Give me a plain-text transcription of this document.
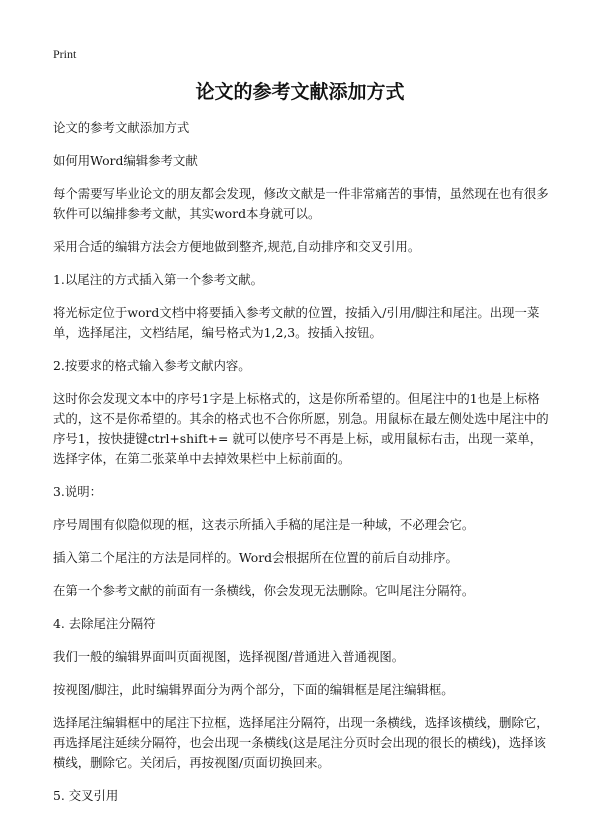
Print
论文的参考文献添加方式

论文的参考文献添加方式

如何用Word编辑参考文献

每个需要写毕业论文的朋友都会发现，修改文献是一件非常痛苦的事情，虽然现在也有很多软件可以编排参考文献，其实word本身就可以。

采用合适的编辑方法会方便地做到整齐,规范,自动排序和交叉引用。

1.以尾注的方式插入第一个参考文献。

将光标定位于word文档中将要插入参考文献的位置，按插入/引用/脚注和尾注。出现一菜单，选择尾注，文档结尾，编号格式为1,2,3。按插入按钮。

2.按要求的格式输入参考文献内容。

这时你会发现文本中的序号1字是上标格式的，这是你所希望的。但尾注中的1也是上标格式的，这不是你希望的。其余的格式也不合你所愿，别急。用鼠标在最左侧处选中尾注中的序号1，按快捷键ctrl+shift+= 就可以使序号不再是上标，或用鼠标右击，出现一菜单，选择字体，在第二张菜单中去掉效果栏中上标前面的。

3.说明：

序号周围有似隐似现的框，这表示所插入手稿的尾注是一种域，不必理会它。

插入第二个尾注的方法是同样的。Word会根据所在位置的前后自动排序。

在第一个参考文献的前面有一条横线，你会发现无法删除。它叫尾注分隔符。

4. 去除尾注分隔符

我们一般的编辑界面叫页面视图，选择视图/普通进入普通视图。

按视图/脚注，此时编辑界面分为两个部分，下面的编辑框是尾注编辑框。

选择尾注编辑框中的尾注下拉框，选择尾注分隔符，出现一条横线，选择该横线，删除它，再选择尾注延续分隔符，也会出现一条横线(这是尾注分页时会出现的很长的横线)，选择该横线，删除它。关闭后，再按视图/页面切换回来。

5. 交叉引用
